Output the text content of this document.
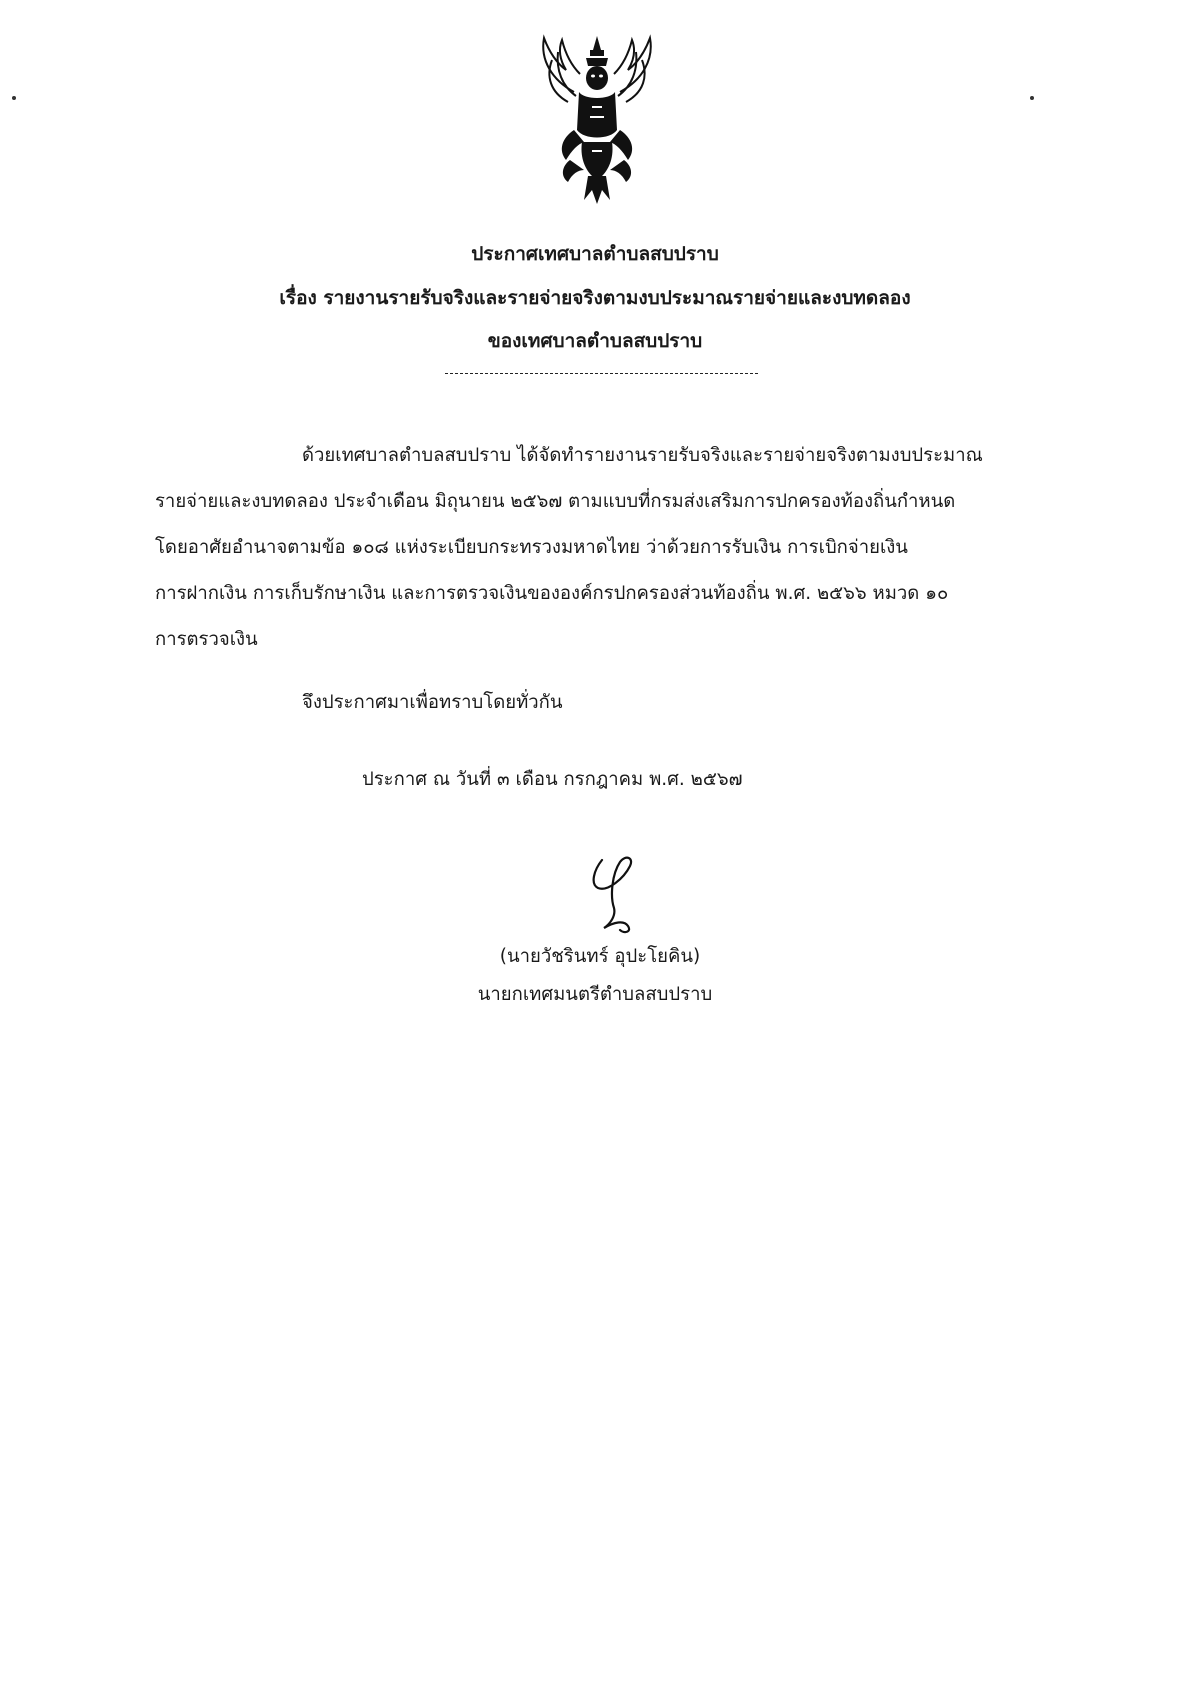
ประกาศเทศบาลตำบลสบปราบ
เรื่อง รายงานรายรับจริงและรายจ่ายจริงตามงบประมาณรายจ่ายและงบทดลอง
ของเทศบาลตำบลสบปราบ
ด้วยเทศบาลตำบลสบปราบ ได้จัดทำรายงานรายรับจริงและรายจ่ายจริงตามงบประมาณ
รายจ่ายและงบทดลอง ประจำเดือน มิถุนายน ๒๕๖๗ ตามแบบที่กรมส่งเสริมการปกครองท้องถิ่นกำหนด
โดยอาศัยอำนาจตามข้อ ๑๐๘ แห่งระเบียบกระทรวงมหาดไทย ว่าด้วยการรับเงิน การเบิกจ่ายเงิน
การฝากเงิน การเก็บรักษาเงิน และการตรวจเงินขององค์กรปกครองส่วนท้องถิ่น พ.ศ. ๒๕๖๖ หมวด ๑๐
การตรวจเงิน
จึงประกาศมาเพื่อทราบโดยทั่วกัน
ประกาศ ณ วันที่ ๓ เดือน กรกฎาคม พ.ศ. ๒๕๖๗
(นายวัชรินทร์ อุปะโยคิน)
นายกเทศมนตรีตำบลสบปราบ
